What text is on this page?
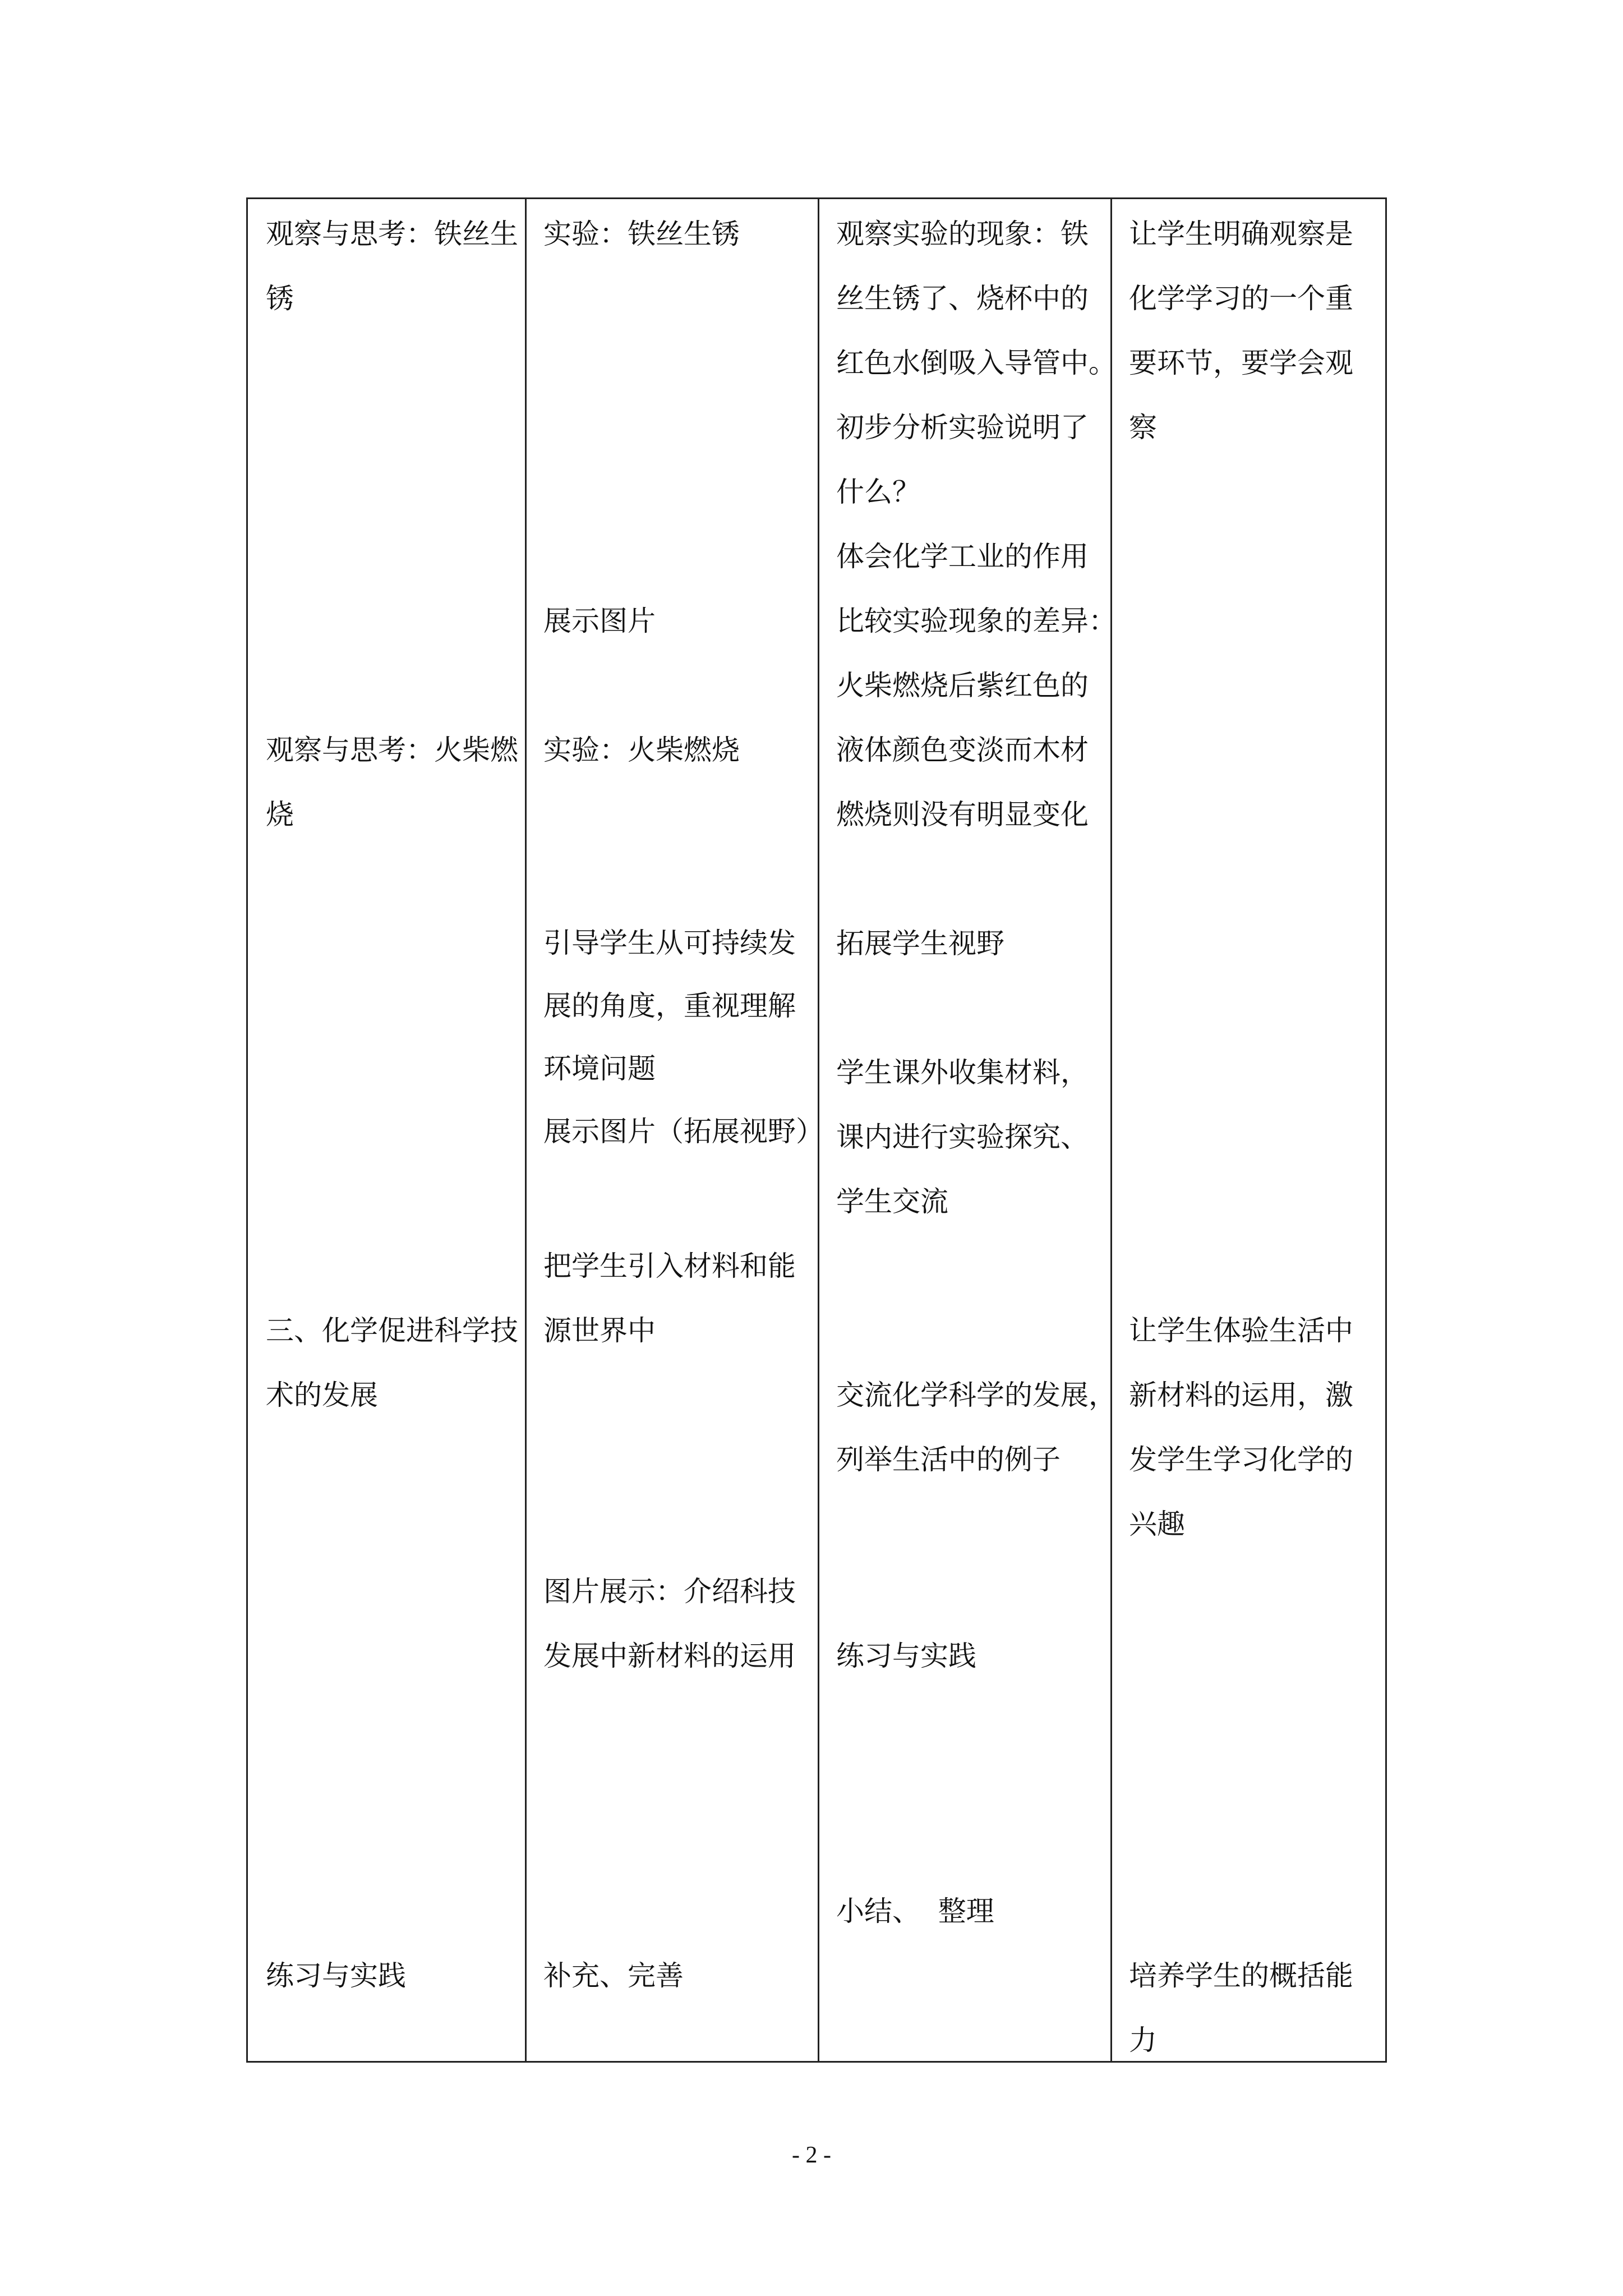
观察与思考：铁丝生
锈
观察与思考：火柴燃
烧
三、化学促进科学技
术的发展
练习与实践
实验：铁丝生锈
展示图片
实验：火柴燃烧
引导学生从可持续发
展的角度，重视理解
环境问题
展示图片（拓展视野）
把学生引入材料和能
源世界中
图片展示：介绍科技
发展中新材料的运用
补充、完善
观察实验的现象：铁
丝生锈了、烧杯中的
红色水倒吸入导管中。
初步分析实验说明了
什么？
体会化学工业的作用
比较实验现象的差异：
火柴燃烧后紫红色的
液体颜色变淡而木材
燃烧则没有明显变化
拓展学生视野
学生课外收集材料，
课内进行实验探究、
学生交流
交流化学科学的发展，
列举生活中的例子
练习与实践

小结、  整理

让学生明确观察是
化学学习的一个重
要环节，要学会观
察
让学生体验生活中
新材料的运用，激
发学生学习化学的
兴趣
培养学生的概括能
力
- 2 -
